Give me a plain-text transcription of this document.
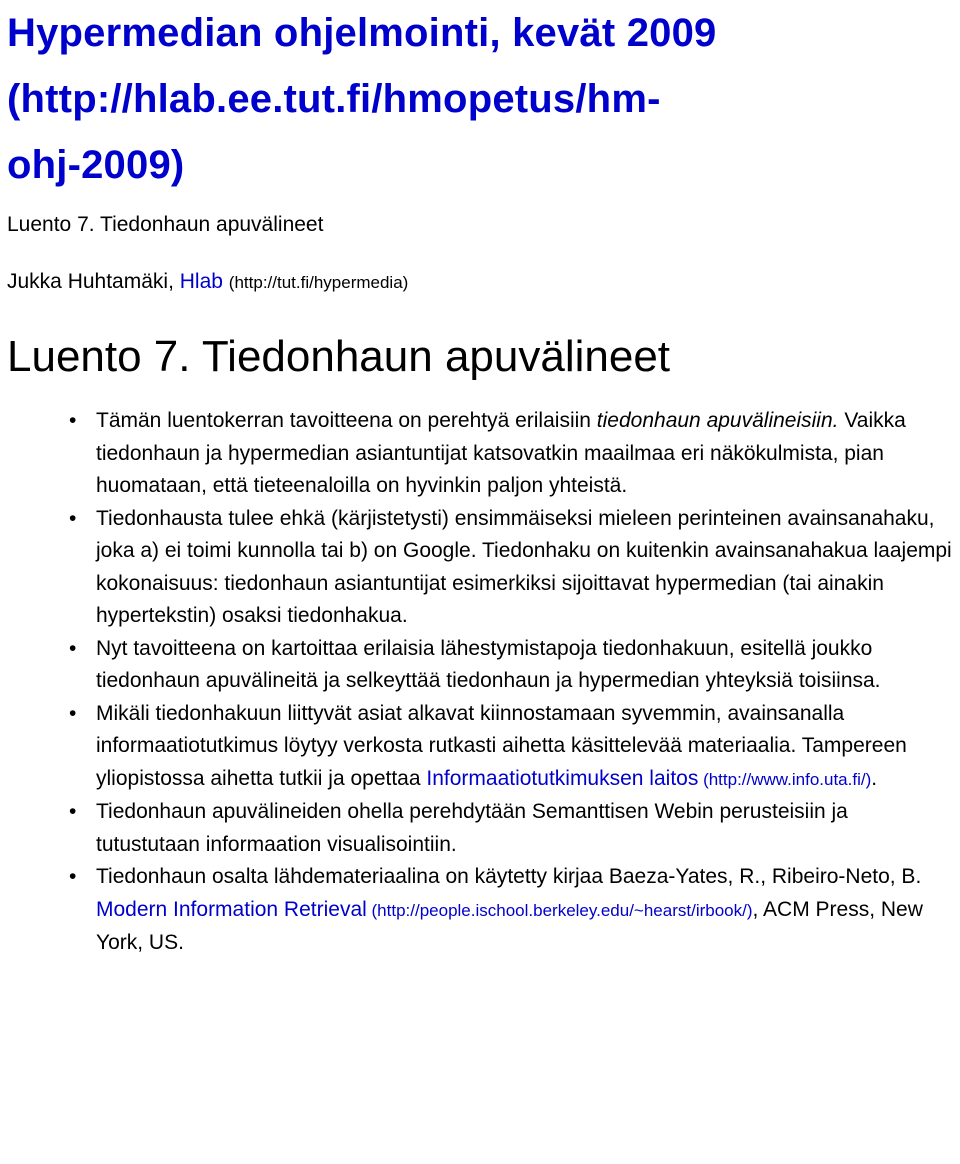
Hypermedian ohjelmointi, kevät 2009
(http://hlab.ee.tut.fi/hmopetus/hm-
ohj-2009)

Luento 7. Tiedonhaun apuvälineet

Jukka Huhtamäki, Hlab (http://tut.fi/hypermedia)

Luento 7. Tiedonhaun apuvälineet
• Tämän luentokerran tavoitteena on perehtyä erilaisiin tiedonhaun apuvälineisiin. Vaikka tiedonhaun ja hypermedian asiantuntijat katsovatkin maailmaa eri näkökulmista, pian huomataan, että tieteenaloilla on hyvinkin paljon yhteistä.
• Tiedonhausta tulee ehkä (kärjistetysti) ensimmäiseksi mieleen perinteinen avainsanahaku, joka a) ei toimi kunnolla tai b) on Google. Tiedonhaku on kuitenkin avainsanahakua laajempi kokonaisuus: tiedonhaun asiantuntijat esimerkiksi sijoittavat hypermedian (tai ainakin hypertekstin) osaksi tiedonhakua.
• Nyt tavoitteena on kartoittaa erilaisia lähestymistapoja tiedonhakuun, esitellä joukko tiedonhaun apuvälineitä ja selkeyttää tiedonhaun ja hypermedian yhteyksiä toisiinsa.
• Mikäli tiedonhakuun liittyvät asiat alkavat kiinnostamaan syvemmin, avainsanalla informaatiotutkimus löytyy verkosta rutkasti aihetta käsittelevää materiaalia. Tampereen yliopistossa aihetta tutkii ja opettaa Informaatiotutkimuksen laitos (http://www.info.uta.fi/).
• Tiedonhaun apuvälineiden ohella perehdytään Semanttisen Webin perusteisiin ja tutustutaan informaation visualisointiin.
• Tiedonhaun osalta lähdemateriaalina on käytetty kirjaa Baeza-Yates, R., Ribeiro-Neto, B. Modern Information Retrieval (http://people.ischool.berkeley.edu/~hearst/irbook/), ACM Press, New York, US.
